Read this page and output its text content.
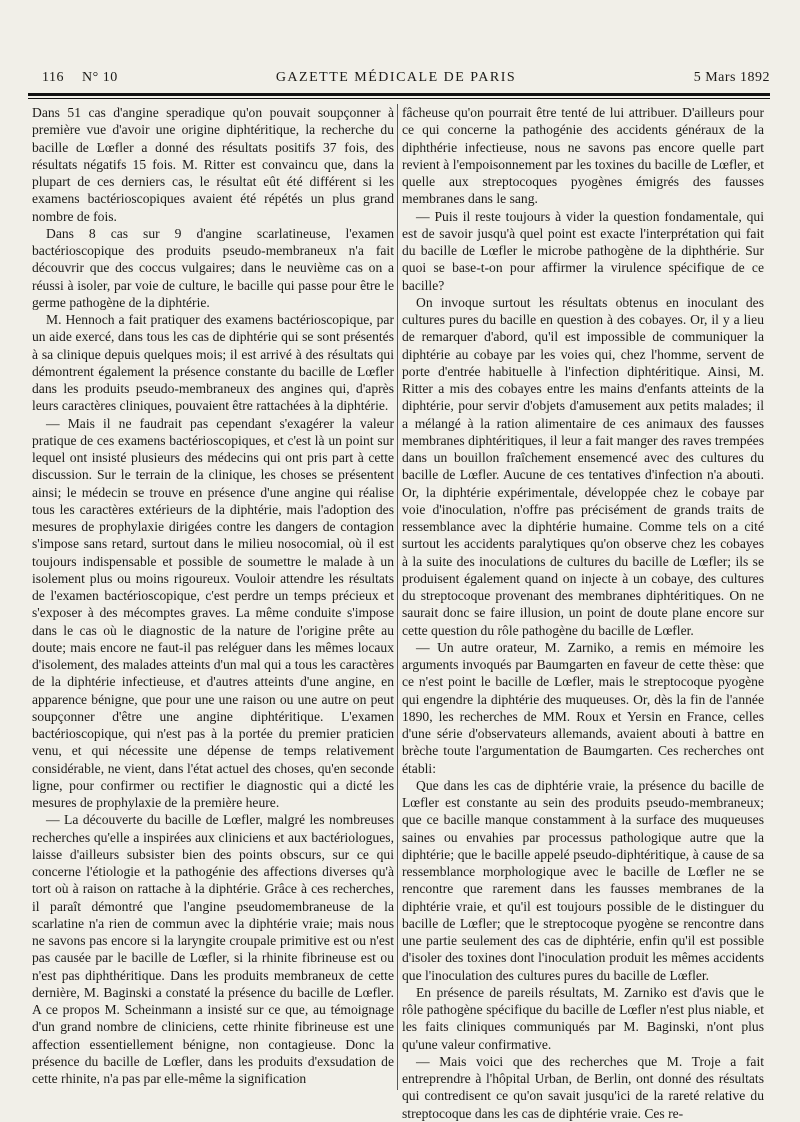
116 N° 10	GAZETTE MÉDICALE DE PARIS	5 Mars 1892

Dans 51 cas d'angine speradique qu'on pouvait soupçonner à première vue d'avoir une origine diphtéritique, la recherche du bacille de Lœfler a donné des résultats positifs 37 fois, des résultats négatifs 15 fois. M. Ritter est convaincu que, dans la plupart de ces derniers cas, le résultat eût été différent si les examens bactérioscopiques avaient été répétés un plus grand nombre de fois.

Dans 8 cas sur 9 d'angine scarlatineuse, l'examen bactérioscopique des produits pseudo-membraneux n'a fait découvrir que des coccus vulgaires; dans le neuvième cas on a réussi à isoler, par voie de culture, le bacille qui passe pour être le germe pathogène de la diphtérie.

M. Hennoch a fait pratiquer des examens bactérioscopique, par un aide exercé, dans tous les cas de diphtérie qui se sont présentés à sa clinique depuis quelques mois; il est arrivé à des résultats qui démontrent également la présence constante du bacille de Lœfler dans les produits pseudo-membraneux des angines qui, d'après leurs caractères cliniques, pouvaient être rattachées à la diphtérie.

— Mais il ne faudrait pas cependant s'exagérer la valeur pratique de ces examens bactérioscopiques, et c'est là un point sur lequel ont insisté plusieurs des médecins qui ont pris part à cette discussion. Sur le terrain de la clinique, les choses se présentent ainsi; le médecin se trouve en présence d'une angine qui réalise tous les caractères extérieurs de la diphtérie, mais l'adoption des mesures de prophylaxie dirigées contre les dangers de contagion s'impose sans retard, surtout dans le milieu nosocomial, où il est toujours indispensable et possible de soumettre le malade à un isolement plus ou moins rigoureux. Vouloir attendre les résultats de l'examen bactérioscopique, c'est perdre un temps précieux et s'exposer à des mécomptes graves. La même conduite s'impose dans le cas où le diagnostic de la nature de l'origine prête au doute; mais encore ne faut-il pas reléguer dans les mêmes locaux d'isolement, des malades atteints d'un mal qui a tous les caractères de la diphtérie infectieuse, et d'autres atteints d'une angine, en apparence bénigne, que pour une une raison ou une autre on peut soupçonner d'être une angine diphtéritique. L'examen bactérioscopique, qui n'est pas à la portée du premier praticien venu, et qui nécessite une dépense de temps relativement considérable, ne vient, dans l'état actuel des choses, qu'en seconde ligne, pour confirmer ou rectifier le diagnostic qui a dicté les mesures de prophylaxie de la première heure.

— La découverte du bacille de Lœfler, malgré les nombreuses recherches qu'elle a inspirées aux cliniciens et aux bactériologues, laisse d'ailleurs subsister bien des points obscurs, sur ce qui concerne l'étiologie et la pathogénie des affections diverses qu'à tort où à raison on rattache à la diphtérie. Grâce à ces recherches, il paraît démontré que l'angine pseudomembraneuse de la scarlatine n'a rien de commun avec la diphtérie vraie; mais nous ne savons pas encore si la laryngite croupale primitive est ou n'est pas causée par le bacille de Lœfler, si la rhinite fibrineuse est ou n'est pas diphthéritique. Dans les produits membraneux de cette dernière, M. Baginski a constaté la présence du bacille de Lœfler. A ce propos M. Scheinmann a insisté sur ce que, au témoignage d'un grand nombre de cliniciens, cette rhinite fibrineuse est une affection essentiellement bénigne, non contagieuse. Donc la présence du bacille de Lœfler, dans les produits d'exsudation de cette rhinite, n'a pas par elle-même la signification

fâcheuse qu'on pourrait être tenté de lui attribuer. D'ailleurs pour ce qui concerne la pathogénie des accidents généraux de la diphthérie infectieuse, nous ne savons pas encore quelle part revient à l'empoisonnement par les toxines du bacille de Lœfler, et quelle aux streptocoques pyogènes émigrés des fausses membranes dans le sang.

— Puis il reste toujours à vider la question fondamentale, qui est de savoir jusqu'à quel point est exacte l'interprétation qui fait du bacille de Lœfler le microbe pathogène de la diphthérie. Sur quoi se base-t-on pour affirmer la virulence spécifique de ce bacille?

On invoque surtout les résultats obtenus en inoculant des cultures pures du bacille en question à des cobayes. Or, il y a lieu de remarquer d'abord, qu'il est impossible de communiquer la diphtérie au cobaye par les voies qui, chez l'homme, servent de porte d'entrée habituelle à l'infection diphtéritique. Ainsi, M. Ritter a mis des cobayes entre les mains d'enfants atteints de la diphtérie, pour servir d'objets d'amusement aux petits malades; il a mélangé à la ration alimentaire de ces animaux des fausses membranes diphtéritiques, il leur a fait manger des raves trempées dans un bouillon fraîchement ensemencé avec des cultures du bacille de Lœfler. Aucune de ces tentatives d'infection n'a abouti. Or, la diphtérie expérimentale, développée chez le cobaye par voie d'inoculation, n'offre pas précisément de grands traits de ressemblance avec la diphtérie humaine. Comme tels on a cité surtout les accidents paralytiques qu'on observe chez les cobayes à la suite des inoculations de cultures du bacille de Lœfler; ils se produisent également quand on injecte à un cobaye, des cultures du streptocoque provenant des membranes diphtéritiques. On ne saurait donc se faire illusion, un point de doute plane encore sur cette question du rôle pathogène du bacille de Lœfler.

— Un autre orateur, M. Zarniko, a remis en mémoire les arguments invoqués par Baumgarten en faveur de cette thèse: que ce n'est point le bacille de Lœfler, mais le streptocoque pyogène qui engendre la diphtérie des muqueuses. Or, dès la fin de l'année 1890, les recherches de MM. Roux et Yersin en France, celles d'une série d'observateurs allemands, avaient abouti à battre en brèche toute l'argumentation de Baumgarten. Ces recherches ont établi:

Que dans les cas de diphtérie vraie, la présence du bacille de Lœfler est constante au sein des produits pseudo-membraneux; que ce bacille manque constamment à la surface des muqueuses saines ou envahies par processus pathologique autre que la diphtérie; que le bacille appelé pseudo-diphtéritique, à cause de sa ressemblance morphologique avec le bacille de Lœfler ne se rencontre que rarement dans les fausses membranes de la diphtérie vraie, et qu'il est toujours possible de le distinguer du bacille de Lœfler; que le streptocoque pyogène se rencontre dans une partie seulement des cas de diphtérie, enfin qu'il est possible d'isoler des toxines dont l'inoculation produit les mêmes accidents que l'inoculation des cultures pures du bacille de Lœfler.

En présence de pareils résultats, M. Zarniko est d'avis que le rôle pathogène spécifique du bacille de Lœfler n'est plus niable, et les faits cliniques communiqués par M. Baginski, n'ont plus qu'une valeur confirmative.

— Mais voici que des recherches que M. Troje a fait entreprendre à l'hôpital Urban, de Berlin, ont donné des résultats qui contredisent ce qu'on savait jusqu'ici de la rareté relative du streptocoque dans les cas de diphtérie vraie. Ces re-
